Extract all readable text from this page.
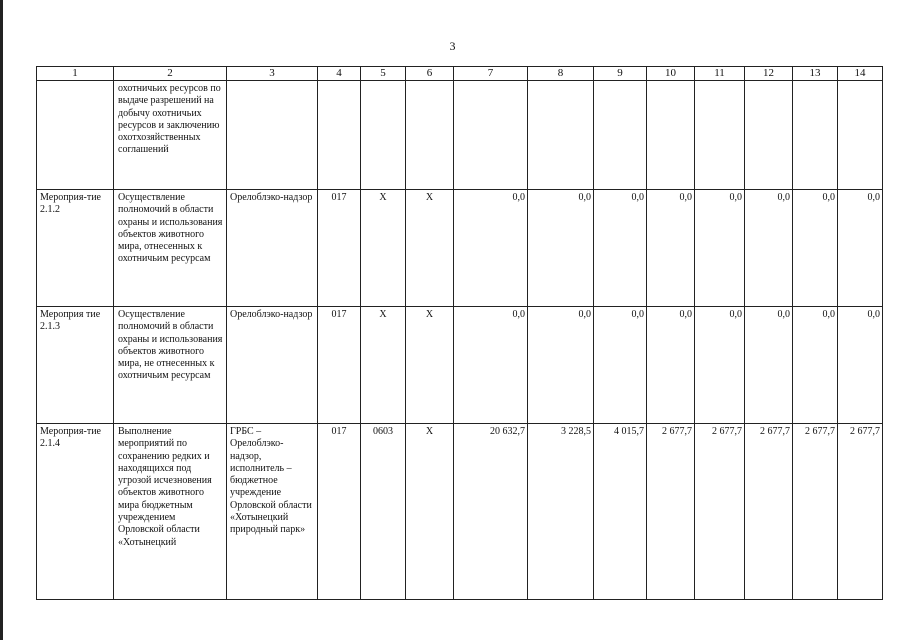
3
1	2	3	4	5	6	7	8	9	10	11	12	13	14
	охотничьих ресурсов по выдаче разрешений на добычу охотничьих ресурсов и заключению охотхозяйственных соглашений												
Мероприя-тие 2.1.2	Осуществление полномочий в области охраны и использования объектов животного мира, отнесенных к охотничьим ресурсам	Орелоблэко-надзор	017	Х	Х	0,0	0,0	0,0	0,0	0,0	0,0	0,0	0,0
Мероприя тие 2.1.3	Осуществление полномочий в области охраны и использования объектов животного мира, не отнесенных к охотничьим ресурсам	Орелоблэко-надзор	017	Х	Х	0,0	0,0	0,0	0,0	0,0	0,0	0,0	0,0
Мероприя-тие 2.1.4	Выполнение мероприятий по сохранению редких и находящихся под угрозой исчезновения объектов животного мира бюджетным учреждением Орловской области «Хотынецкий	ГРБС – Орелоблэко-надзор, исполнитель – бюджетное учреждение Орловской области «Хотынецкий природный парк»	017	0603	Х	20 632,7	3 228,5	4 015,7	2 677,7	2 677,7	2 677,7	2 677,7	2 677,7
